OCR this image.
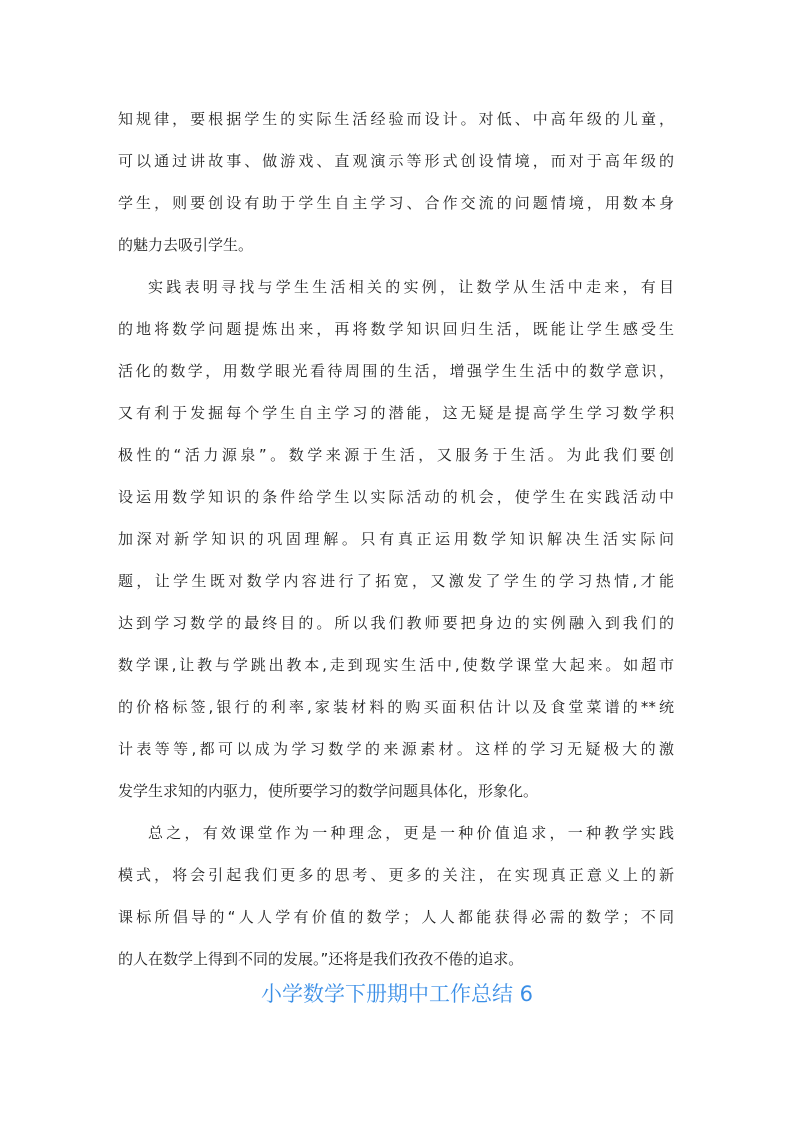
知规律，要根据学生的实际生活经验而设计。对低、中高年级的儿童，
可以通过讲故事、做游戏、直观演示等形式创设情境，而对于高年级的
学生，则要创设有助于学生自主学习、合作交流的问题情境，用数本身
的魅力去吸引学生。
实践表明寻找与学生生活相关的实例，让数学从生活中走来，有目
的地将数学问题提炼出来，再将数学知识回归生活，既能让学生感受生
活化的数学，用数学眼光看待周围的生活，增强学生生活中的数学意识，
又有利于发掘每个学生自主学习的潜能，这无疑是提高学生学习数学积
极性的“活力源泉”。数学来源于生活，又服务于生活。为此我们要创
设运用数学知识的条件给学生以实际活动的机会，使学生在实践活动中
加深对新学知识的巩固理解。只有真正运用数学知识解决生活实际问
题，让学生既对数学内容进行了拓宽，又激发了学生的学习热情,才能
达到学习数学的最终目的。所以我们教师要把身边的实例融入到我们的
数学课,让教与学跳出教本,走到现实生活中,使数学课堂大起来。如超市
的价格标签,银行的利率,家装材料的购买面积估计以及食堂菜谱的**统
计表等等,都可以成为学习数学的来源素材。这样的学习无疑极大的激
发学生求知的内驱力，使所要学习的数学问题具体化，形象化。
总之，有效课堂作为一种理念，更是一种价值追求，一种教学实践
模式，将会引起我们更多的思考、更多的关注，在实现真正意义上的新
课标所倡导的“人人学有价值的数学；人人都能获得必需的数学；不同
的人在数学上得到不同的发展。”还将是我们孜孜不倦的追求。
小学数学下册期中工作总结 6
